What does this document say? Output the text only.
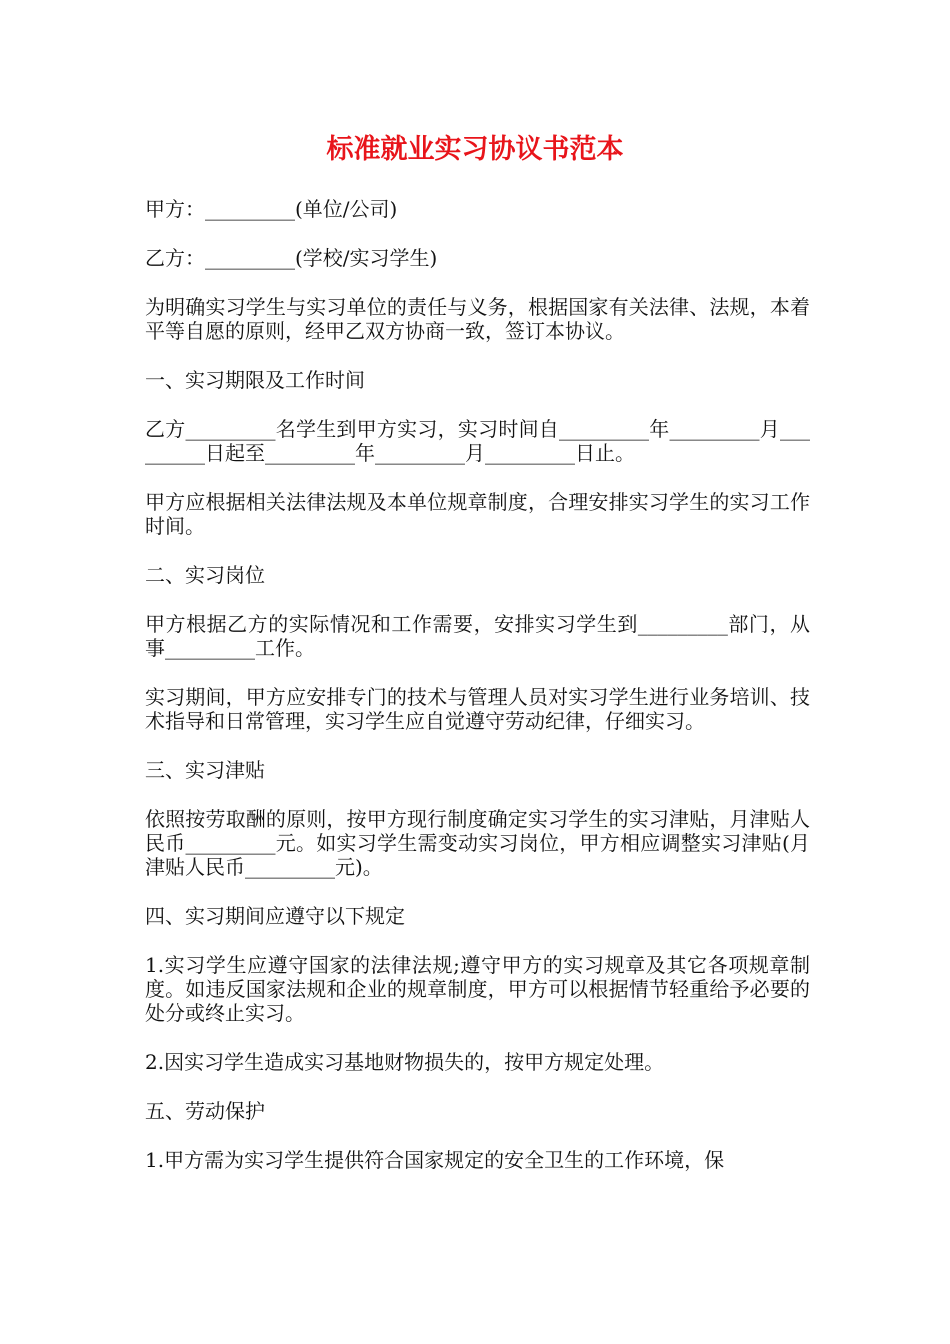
标准就业实习协议书范本

甲方：_________(单位/公司)

乙方：_________(学校/实习学生)

为明确实习学生与实习单位的责任与义务，根据国家有关法律、法规，本着平等自愿的原则，经甲乙双方协商一致，签订本协议。

一、实习期限及工作时间

乙方_________名学生到甲方实习，实习时间自_________年_________月_________日起至_________年_________月_________日止。

甲方应根据相关法律法规及本单位规章制度，合理安排实习学生的实习工作时间。

二、实习岗位

甲方根据乙方的实际情况和工作需要，安排实习学生到_________部门，从事_________工作。

实习期间，甲方应安排专门的技术与管理人员对实习学生进行业务培训、技术指导和日常管理，实习学生应自觉遵守劳动纪律，仔细实习。

三、实习津贴

依照按劳取酬的原则，按甲方现行制度确定实习学生的实习津贴，月津贴人民币_________元。如实习学生需变动实习岗位，甲方相应调整实习津贴(月津贴人民币_________元)。

四、实习期间应遵守以下规定

1.实习学生应遵守国家的法律法规;遵守甲方的实习规章及其它各项规章制度。如违反国家法规和企业的规章制度，甲方可以根据情节轻重给予必要的处分或终止实习。

2.因实习学生造成实习基地财物损失的，按甲方规定处理。

五、劳动保护

1.甲方需为实习学生提供符合国家规定的安全卫生的工作环境，保
